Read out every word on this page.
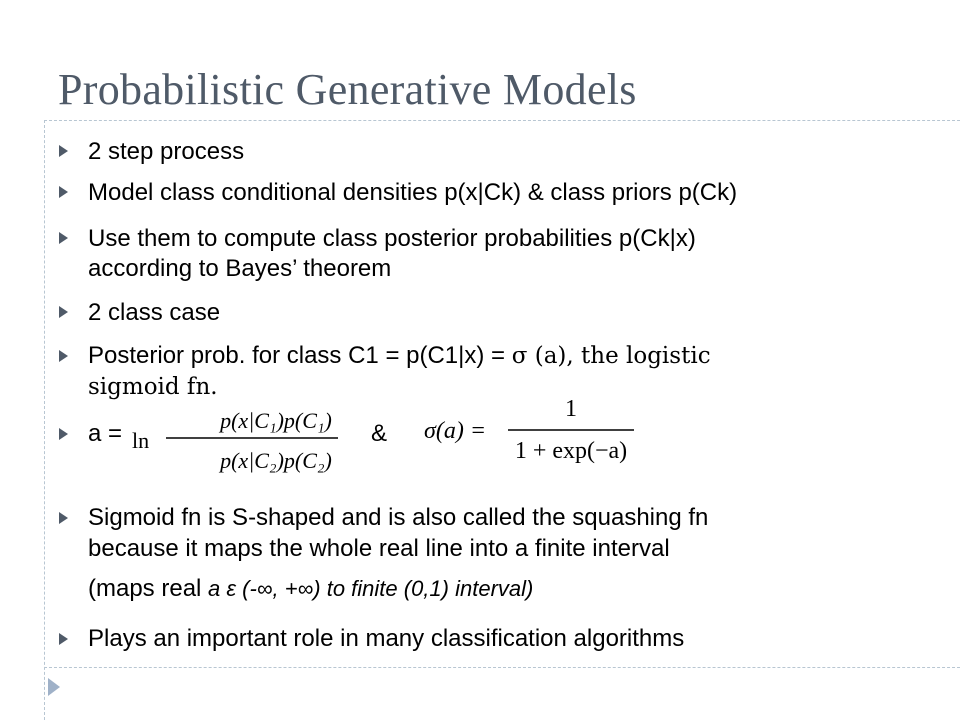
Probabilistic Generative Models
2 step process
Model class conditional densities p(x|Ck) & class priors p(Ck)
Use them to compute class posterior probabilities p(Ck|x)
according to Bayes’ theorem
2 class case
Posterior prob. for class C1 = p(C1|x) = σ (a), the logistic
sigmoid fn.
a = ln
p(x|C₁)p(C₁)
p(x|C₂)p(C₂)
& σ(a) =
1
1 + exp(−a)
Sigmoid fn is S-shaped and is also called the squashing fn
because it maps the whole real line into a finite interval
(maps real a ε (-∞, +∞) to finite (0,1) interval)
Plays an important role in many classification algorithms
